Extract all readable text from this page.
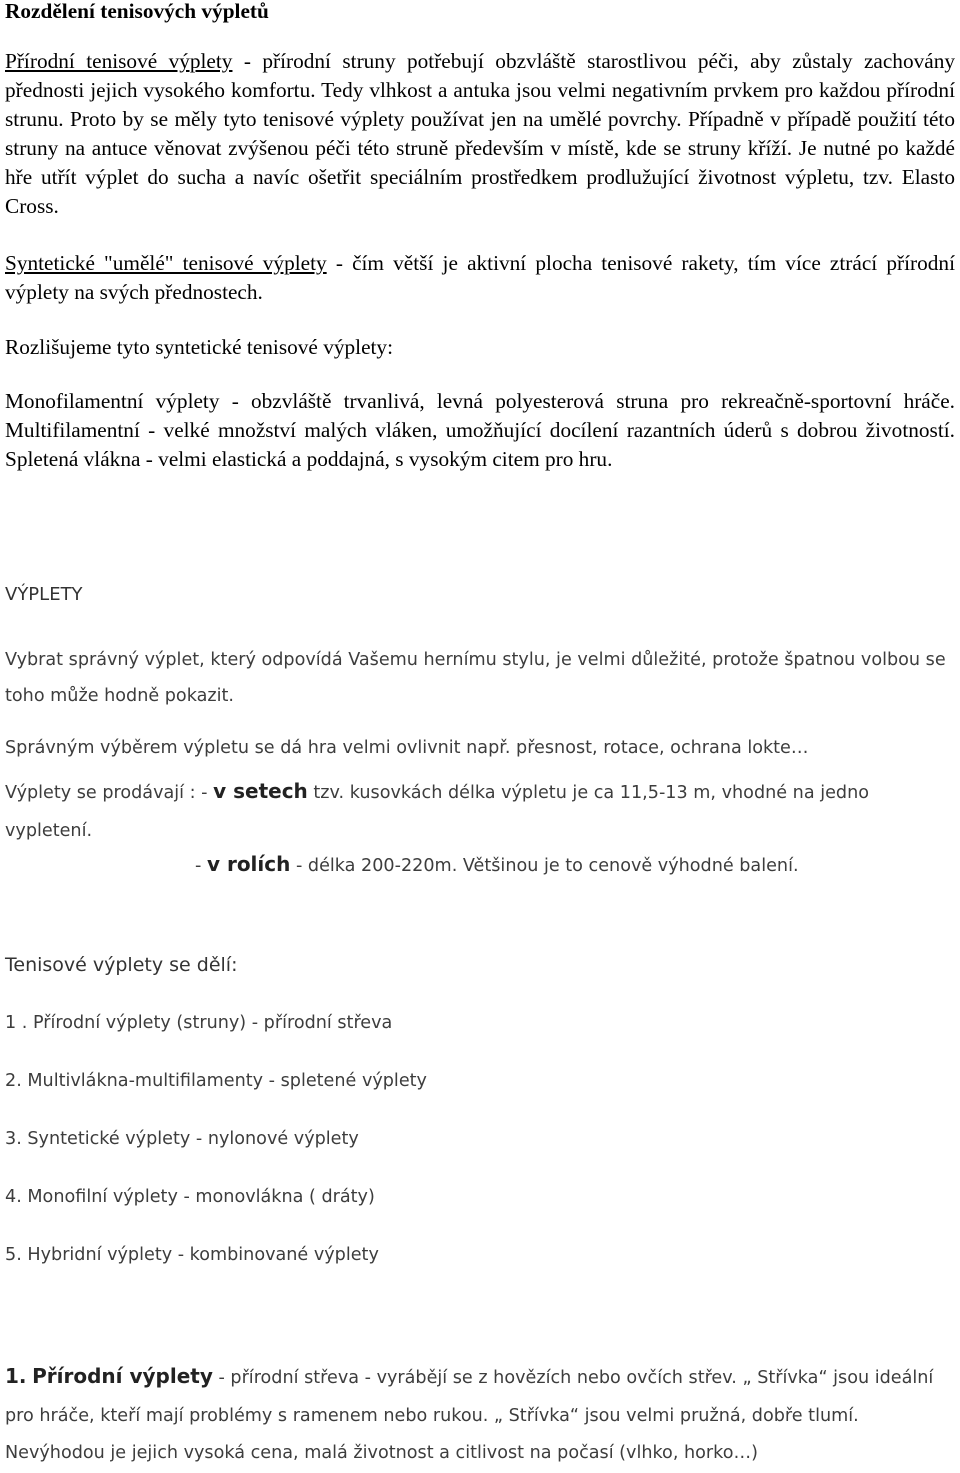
Rozdělení tenisových výpletů

Přírodní tenisové výplety - přírodní struny potřebují obzvláště starostlivou péči, aby zůstaly zachovány přednosti jejich vysokého komfortu. Tedy vlhkost a antuka jsou velmi negativním prvkem pro každou přírodní strunu. Proto by se měly tyto tenisové výplety používat jen na umělé povrchy. Případně v případě použití této struny na antuce věnovat zvýšenou péči této struně především v místě, kde se struny kříží. Je nutné po každé hře utřít výplet do sucha a navíc ošetřit speciálním prostředkem prodlužující životnost výpletu, tzv. Elasto Cross.

Syntetické "umělé" tenisové výplety - čím větší je aktivní plocha tenisové rakety, tím více ztrácí přírodní výplety na svých přednostech.

Rozlišujeme tyto syntetické tenisové výplety:

Monofilamentní výplety - obzvláště trvanlivá, levná polyesterová struna pro rekreačně-sportovní hráče. Multifilamentní - velké množství malých vláken, umožňující docílení razantních úderů s dobrou životností. Spletená vlákna - velmi elastická a poddajná, s vysokým citem pro hru.

VÝPLETY

Vybrat správný výplet, který odpovídá Vašemu hernímu stylu, je velmi důležité, protože špatnou volbou se toho může hodně pokazit.

Správným výběrem výpletu se dá hra velmi ovlivnit např. přesnost, rotace, ochrana lokte…

Výplety se prodávají : - v setech tzv. kusovkách délka výpletu je ca 11,5-13 m, vhodné na jedno vypletení.

- v rolích - délka 200-220m. Většinou je to cenově výhodné balení.
Tenisové výplety se dělí:
1 . Přírodní výplety (struny) - přírodní střeva
2. Multivlákna-multifilamenty - spletené výplety
3. Syntetické výplety - nylonové výplety
4. Monofilní výplety - monovlákna ( dráty)
5. Hybridní výplety - kombinované výplety

1. Přírodní výplety - přírodní střeva - vyrábějí se z hovězích nebo ovčích střev. „ Střívka“ jsou ideální pro hráče, kteří mají problémy s ramenem nebo rukou. „ Střívka“ jsou velmi pružná, dobře tlumí. Nevýhodou je jejich vysoká cena, malá životnost a citlivost na počasí (vlhko, horko…)
